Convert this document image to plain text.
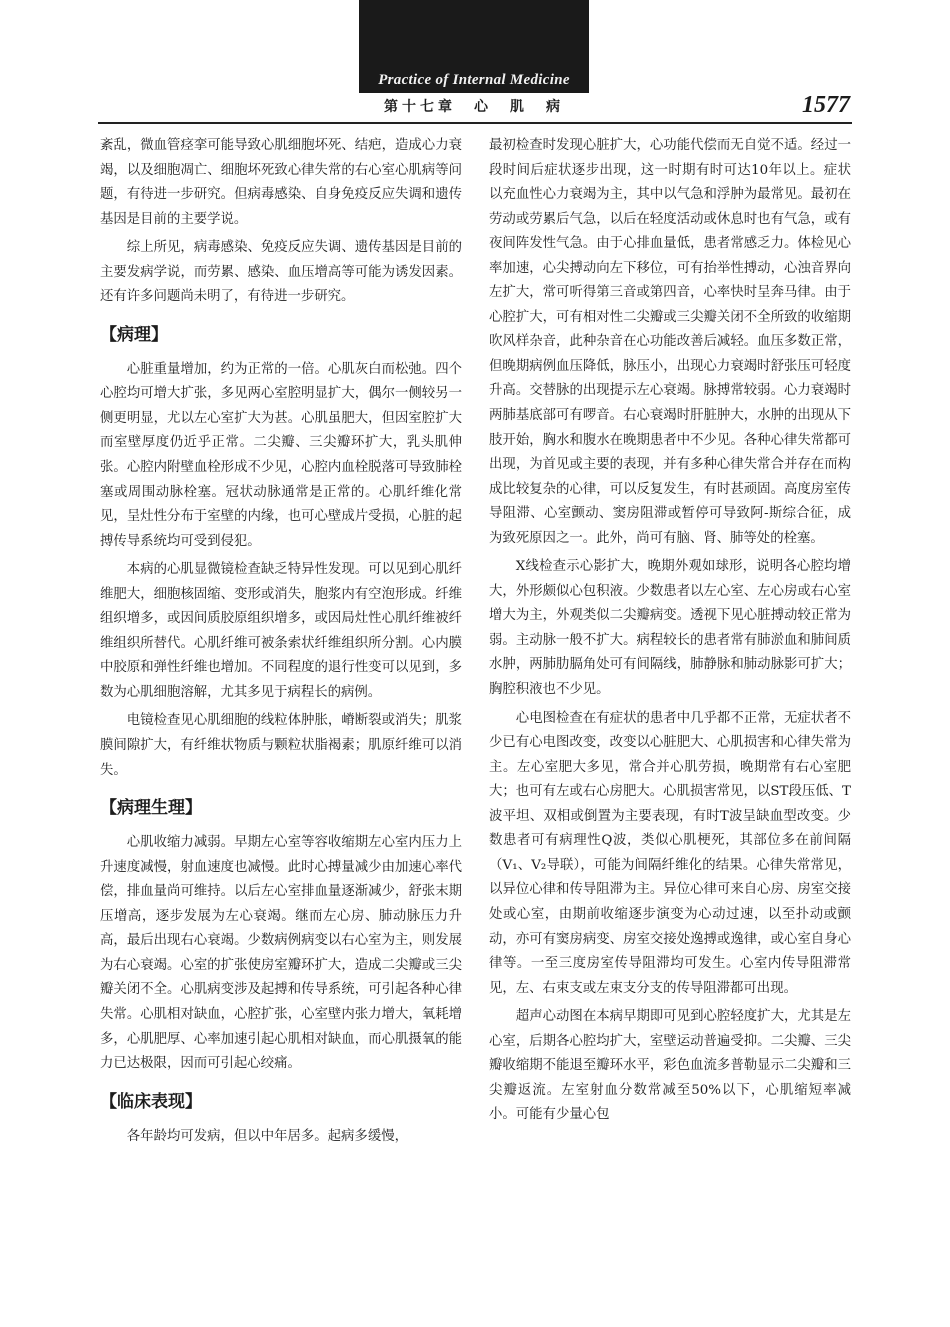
Practice of Internal Medicine
第十七章　心　肌　病	1577

紊乱，微血管痉挛可能导致心肌细胞坏死、结疤，造成心力衰竭，以及细胞凋亡、细胞坏死致心律失常的右心室心肌病等问题，有待进一步研究。但病毒感染、自身免疫反应失调和遗传基因是目前的主要学说。

综上所见，病毒感染、免疫反应失调、遗传基因是目前的主要发病学说，而劳累、感染、血压增高等可能为诱发因素。还有许多问题尚未明了，有待进一步研究。

【病理】

心脏重量增加，约为正常的一倍。心肌灰白而松弛。四个心腔均可增大扩张，多见两心室腔明显扩大，偶尔一侧较另一侧更明显，尤以左心室扩大为甚。心肌虽肥大，但因室腔扩大而室壁厚度仍近乎正常。二尖瓣、三尖瓣环扩大，乳头肌伸张。心腔内附壁血栓形成不少见，心腔内血栓脱落可导致肺栓塞或周围动脉栓塞。冠状动脉通常是正常的。心肌纤维化常见，呈灶性分布于室壁的内缘，也可心壁成片受损，心脏的起搏传导系统均可受到侵犯。

本病的心肌显微镜检查缺乏特异性发现。可以见到心肌纤维肥大，细胞核固缩、变形或消失，胞浆内有空泡形成。纤维组织增多，或因间质胶原组织增多，或因局灶性心肌纤维被纤维组织所替代。心肌纤维可被条索状纤维组织所分割。心内膜中胶原和弹性纤维也增加。不同程度的退行性变可以见到，多数为心肌细胞溶解，尤其多见于病程长的病例。

电镜检查见心肌细胞的线粒体肿胀，嵴断裂或消失；肌浆膜间隙扩大，有纤维状物质与颗粒状脂褐素；肌原纤维可以消失。

【病理生理】

心肌收缩力减弱。早期左心室等容收缩期左心室内压力上升速度减慢，射血速度也减慢。此时心搏量减少由加速心率代偿，排血量尚可维持。以后左心室排血量逐渐减少，舒张末期压增高，逐步发展为左心衰竭。继而左心房、肺动脉压力升高，最后出现右心衰竭。少数病例病变以右心室为主，则发展为右心衰竭。心室的扩张使房室瓣环扩大，造成二尖瓣或三尖瓣关闭不全。心肌病变涉及起搏和传导系统，可引起各种心律失常。心肌相对缺血，心腔扩张，心室壁内张力增大，氧耗增多，心肌肥厚、心率加速引起心肌相对缺血，而心肌摄氧的能力已达极限，因而可引起心绞痛。

【临床表现】

各年龄均可发病，但以中年居多。起病多缓慢，

最初检查时发现心脏扩大，心功能代偿而无自觉不适。经过一段时间后症状逐步出现，这一时期有时可达10年以上。症状以充血性心力衰竭为主，其中以气急和浮肿为最常见。最初在劳动或劳累后气急，以后在轻度活动或休息时也有气急，或有夜间阵发性气急。由于心排血量低，患者常感乏力。体检见心率加速，心尖搏动向左下移位，可有抬举性搏动，心浊音界向左扩大，常可听得第三音或第四音，心率快时呈奔马律。由于心腔扩大，可有相对性二尖瓣或三尖瓣关闭不全所致的收缩期吹风样杂音，此种杂音在心功能改善后减轻。血压多数正常，但晚期病例血压降低，脉压小，出现心力衰竭时舒张压可轻度升高。交替脉的出现提示左心衰竭。脉搏常较弱。心力衰竭时两肺基底部可有啰音。右心衰竭时肝脏肿大，水肿的出现从下肢开始，胸水和腹水在晚期患者中不少见。各种心律失常都可出现，为首见或主要的表现，并有多种心律失常合并存在而构成比较复杂的心律，可以反复发生，有时甚顽固。高度房室传导阻滞、心室颤动、窦房阻滞或暂停可导致阿-斯综合征，成为致死原因之一。此外，尚可有脑、肾、肺等处的栓塞。

X线检查示心影扩大，晚期外观如球形，说明各心腔均增大，外形颇似心包积液。少数患者以左心室、左心房或右心室增大为主，外观类似二尖瓣病变。透视下见心脏搏动较正常为弱。主动脉一般不扩大。病程较长的患者常有肺淤血和肺间质水肿，两肺肋膈角处可有间隔线，肺静脉和肺动脉影可扩大；胸腔积液也不少见。

心电图检查在有症状的患者中几乎都不正常，无症状者不少已有心电图改变，改变以心脏肥大、心肌损害和心律失常为主。左心室肥大多见，常合并心肌劳损，晚期常有右心室肥大；也可有左或右心房肥大。心肌损害常见，以ST段压低、T波平坦、双相或倒置为主要表现，有时T波呈缺血型改变。少数患者可有病理性Q波，类似心肌梗死，其部位多在前间隔（V₁、V₂导联），可能为间隔纤维化的结果。心律失常常见，以异位心律和传导阻滞为主。异位心律可来自心房、房室交接处或心室，由期前收缩逐步演变为心动过速，以至扑动或颤动，亦可有窦房病变、房室交接处逸搏或逸律，或心室自身心律等。一至三度房室传导阻滞均可发生。心室内传导阻滞常见，左、右束支或左束支分支的传导阻滞都可出现。

超声心动图在本病早期即可见到心腔轻度扩大，尤其是左心室，后期各心腔均扩大，室壁运动普遍受抑。二尖瓣、三尖瓣收缩期不能退至瓣环水平，彩色血流多普勒显示二尖瓣和三尖瓣返流。左室射血分数常减至50%以下，心肌缩短率减小。可能有少量心包
